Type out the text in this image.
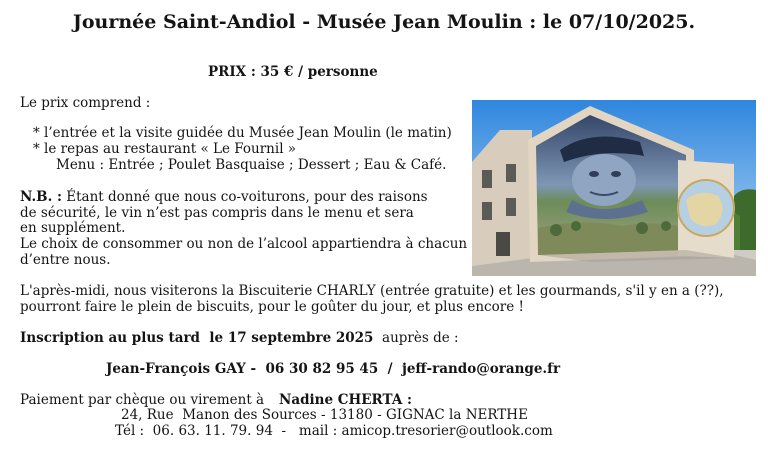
Journée Saint-Andiol - Musée Jean Moulin : le 07/10/2025.
PRIX : 35 € / personne
Le prix comprend :
* l’entrée et la visite guidée du Musée Jean Moulin (le matin)
* le repas au restaurant « Le Fournil »
Menu : Entrée ; Poulet Basquaise ; Dessert ; Eau & Café.
N.B. : Étant donné que nous co-voiturons, pour des raisons
de sécurité, le vin n’est pas compris dans le menu et sera
en supplément.
Le choix de consommer ou non de l’alcool appartiendra à chacun
d’entre nous.
L'après-midi, nous visiterons la Biscuiterie CHARLY (entrée gratuite) et les gourmands, s'il y en a (??),
pourront faire le plein de biscuits, pour le goûter du jour, et plus encore !
Inscription au plus tard  le 17 septembre 2025  auprès de :
Jean-François GAY -  06 30 82 95 45  /  jeff-rando@orange.fr
Paiement par chèque ou virement à Nadine CHERTA :
24, Rue  Manon des Sources - 13180 - GIGNAC la NERTHE
Tél :  06. 63. 11. 79. 94  -   mail : amicop.tresorier@outlook.com
